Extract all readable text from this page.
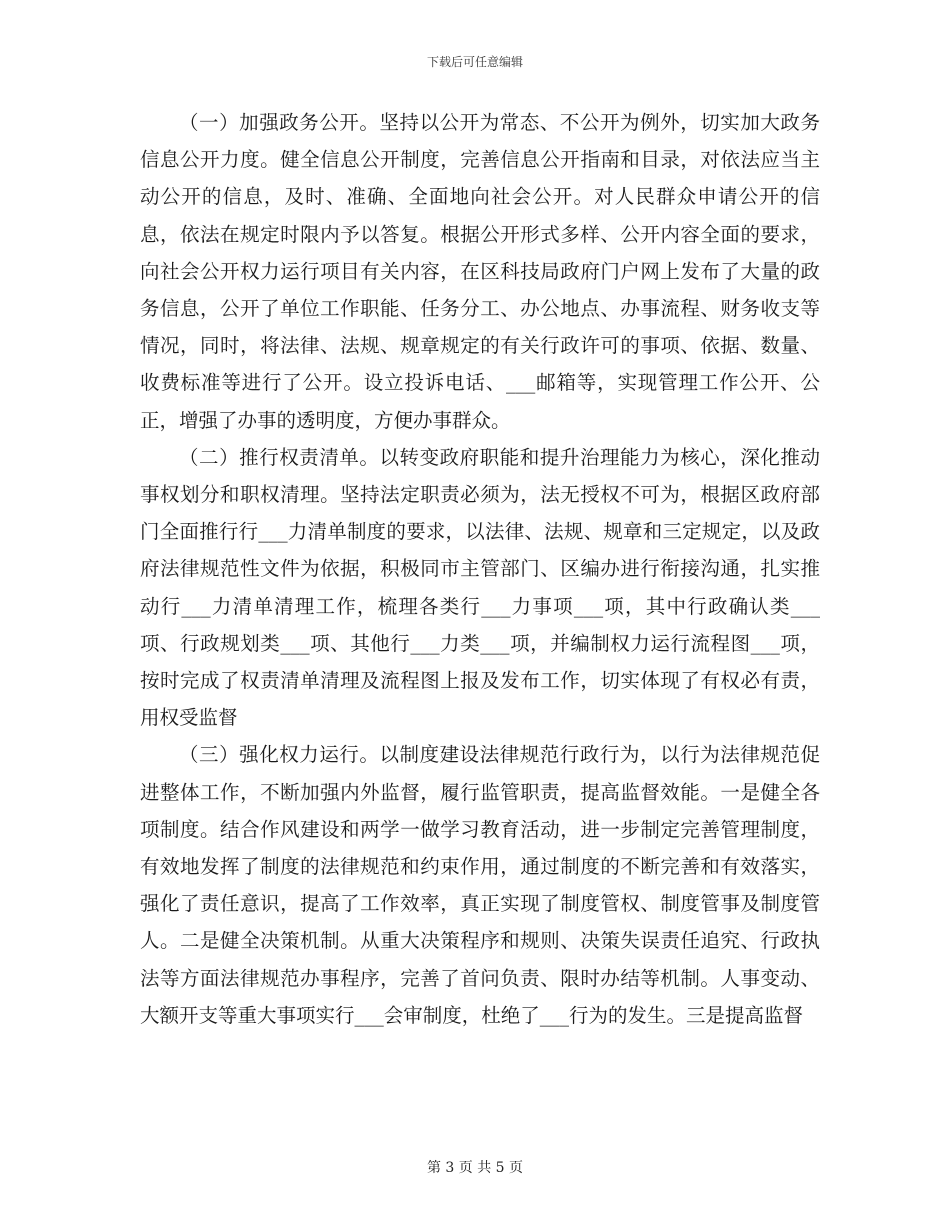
下载后可任意编辑

（一）加强政务公开。坚持以公开为常态、不公开为例外，切实加大政务信息公开力度。健全信息公开制度，完善信息公开指南和目录，对依法应当主动公开的信息，及时、准确、全面地向社会公开。对人民群众申请公开的信息，依法在规定时限内予以答复。根据公开形式多样、公开内容全面的要求，向社会公开权力运行项目有关内容，在区科技局政府门户网上发布了大量的政务信息，公开了单位工作职能、任务分工、办公地点、办事流程、财务收支等情况，同时，将法律、法规、规章规定的有关行政许可的事项、依据、数量、收费标准等进行了公开。设立投诉电话、___邮箱等，实现管理工作公开、公正，增强了办事的透明度，方便办事群众。

（二）推行权责清单。以转变政府职能和提升治理能力为核心，深化推动事权划分和职权清理。坚持法定职责必须为，法无授权不可为，根据区政府部门全面推行行___力清单制度的要求，以法律、法规、规章和三定规定，以及政府法律规范性文件为依据，积极同市主管部门、区编办进行衔接沟通，扎实推动行___力清单清理工作，梳理各类行___力事项___项，其中行政确认类___项、行政规划类___项、其他行___力类___项，并编制权力运行流程图___项，按时完成了权责清单清理及流程图上报及发布工作，切实体现了有权必有责，用权受监督

（三）强化权力运行。以制度建设法律规范行政行为，以行为法律规范促进整体工作，不断加强内外监督，履行监管职责，提高监督效能。一是健全各项制度。结合作风建设和两学一做学习教育活动，进一步制定完善管理制度，有效地发挥了制度的法律规范和约束作用，通过制度的不断完善和有效落实，强化了责任意识，提高了工作效率，真正实现了制度管权、制度管事及制度管人。二是健全决策机制。从重大决策程序和规则、决策失误责任追究、行政执法等方面法律规范办事程序，完善了首问负责、限时办结等机制。人事变动、大额开支等重大事项实行___会审制度，杜绝了___行为的发生。三是提高监督

第 3 页 共 5 页
